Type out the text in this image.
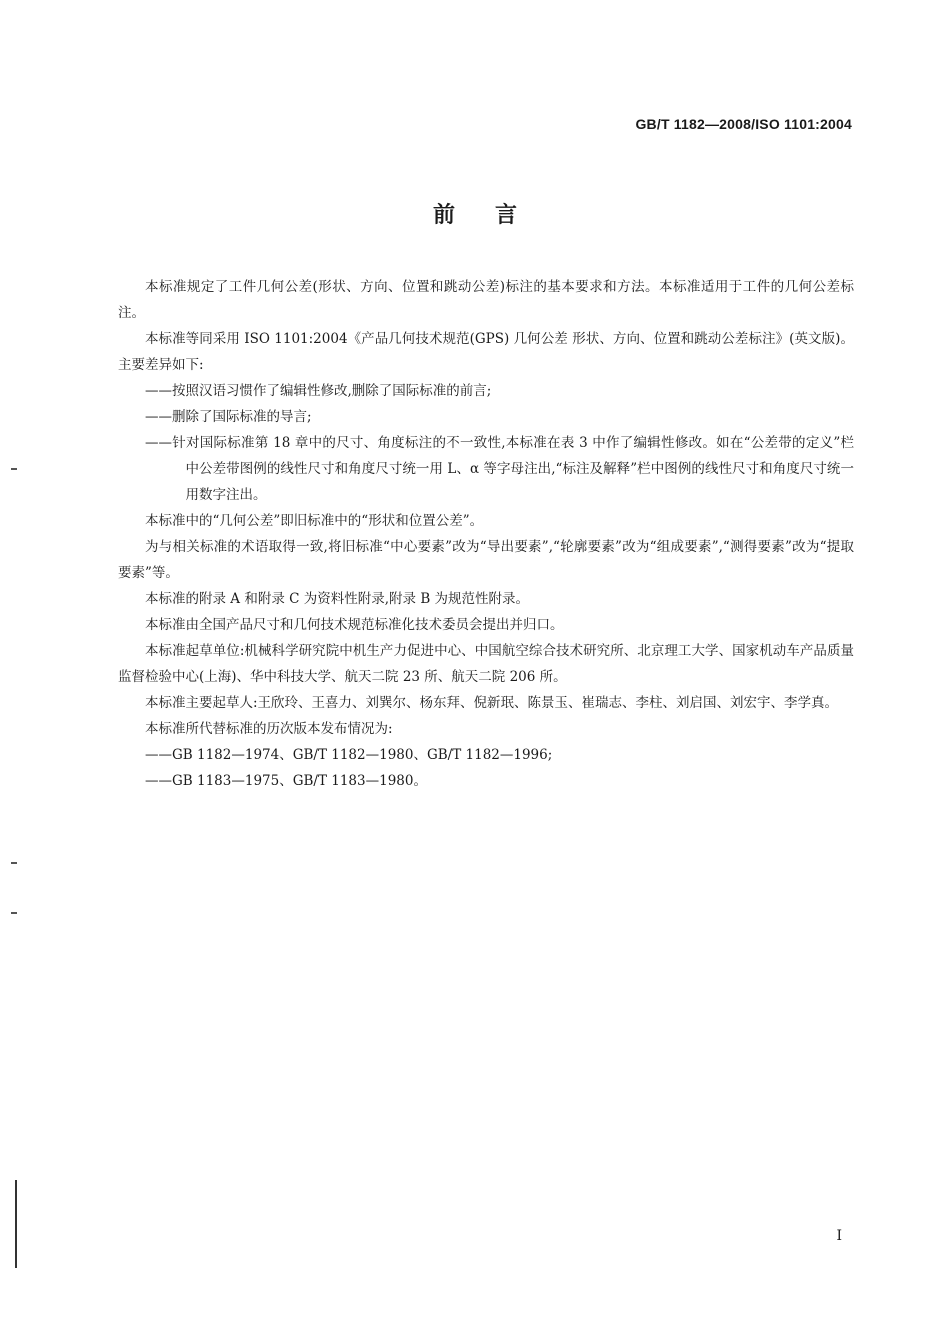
GB/T 1182—2008/ISO 1101:2004
前言

本标准规定了工件几何公差(形状、方向、位置和跳动公差)标注的基本要求和方法。本标准适用于工件的几何公差标注。

本标准等同采用 ISO 1101:2004《产品几何技术规范(GPS) 几何公差 形状、方向、位置和跳动公差标注》(英文版)。主要差异如下:

——按照汉语习惯作了编辑性修改,删除了国际标准的前言;

——删除了国际标准的导言;

——针对国际标准第 18 章中的尺寸、角度标注的不一致性,本标准在表 3 中作了编辑性修改。如在“公差带的定义”栏中公差带图例的线性尺寸和角度尺寸统一用 L、α 等字母注出,“标注及解释”栏中图例的线性尺寸和角度尺寸统一用数字注出。

本标准中的“几何公差”即旧标准中的“形状和位置公差”。

为与相关标准的术语取得一致,将旧标准“中心要素”改为“导出要素”,“轮廓要素”改为“组成要素”,“测得要素”改为“提取要素”等。

本标准的附录 A 和附录 C 为资料性附录,附录 B 为规范性附录。

本标准由全国产品尺寸和几何技术规范标准化技术委员会提出并归口。

本标准起草单位:机械科学研究院中机生产力促进中心、中国航空综合技术研究所、北京理工大学、国家机动车产品质量监督检验中心(上海)、华中科技大学、航天二院 23 所、航天二院 206 所。

本标准主要起草人:王欣玲、王喜力、刘巽尔、杨东拜、倪新珉、陈景玉、崔瑞志、李柱、刘启国、刘宏宇、李学真。

本标准所代替标准的历次版本发布情况为:

——GB 1182—1974、GB/T 1182—1980、GB/T 1182—1996;

——GB 1183—1975、GB/T 1183—1980。

I
